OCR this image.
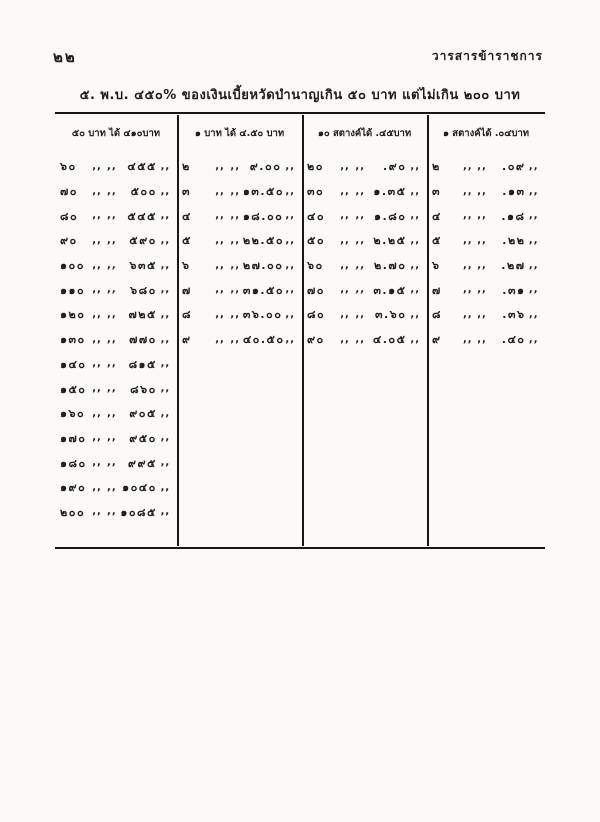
๒๒	วารสารข้าราชการ
๕. พ.บ. ๔๕๐% ของเงินเบี้ยหวัดบำนาญเกิน ๕๐ บาท แต่ไม่เกิน ๒๐๐ บาท
๕๐ บาท ได้ ๔๑๐บาท
๖๐	,, ,, ๔๕๕ ,,
๗๐	,, ,,	๕๐๐ ,,
๘๐	,, ,, ๕๔๕ ,,
๙๐	,, ,,	๕๙๐ ,,
๑๐๐ ,, ,,	๖๓๕ ,,
๑๑๐ ,, ,,	๖๘๐ ,,
๑๒๐ ,, ,,	๗๒๕ ,,
๑๓๐ ,, ,,	๗๗๐ ,,
๑๔๐ ,, ,,	๘๑๕ ,,
๑๕๐ ,, ,,	๘๖๐ ,,
๑๖๐ ,, ,,	๙๐๕ ,,
๑๗๐ ,, ,,	๙๕๐ ,,
๑๘๐ ,, ,,	๙๙๕ ,,
๑๙๐ ,, ,, ๑๐๔๐ ,,
๒๐๐ ,, ,, ๑๐๘๕ ,,
๑ บาท ได้ ๔.๕๐ บาท
๒	,, ,, ๙.๐๐ ,,
๓	,, ,, ๑๓.๕๐ ,,
๔	,, ,, ๑๘.๐๐ ,,
๕	,, ,, ๒๒.๕๐ ,,
๖	,, ,, ๒๗.๐๐ ,,
๗	,, ,, ๓๑.๕๐ ,,
๘	,, ,, ๓๖.๐๐ ,,
๙	,, ,, ๔๐.๕๐ ,,
๑๐ สตางค์ได้ .๔๕บาท
๒๐	,, ,,	.๙๐ ,,
๓๐	,, ,, ๑.๓๕ ,,
๔๐	,, ,, ๑.๘๐ ,,
๕๐	,, ,, ๒.๒๕ ,,
๖๐	,, ,, ๒.๗๐ ,,
๗๐	,, ,, ๓.๑๕ ,,
๘๐	,, ,, ๓.๖๐ ,,
๙๐	,, ,, ๔.๐๕ ,,
๑ สตางค์ได้ .๐๔บาท
๒	,, ,,	.๐๙ ,,
๓	,, ,,	.๑๓ ,,
๔	,, ,,	.๑๘ ,,
๕	,, ,,	.๒๒ ,,
๖	,, ,,	.๒๗ ,,
๗	,, ,,	.๓๑ ,,
๘	,, ,,	.๓๖ ,,
๙	,, ,,	.๔๐ ,,
